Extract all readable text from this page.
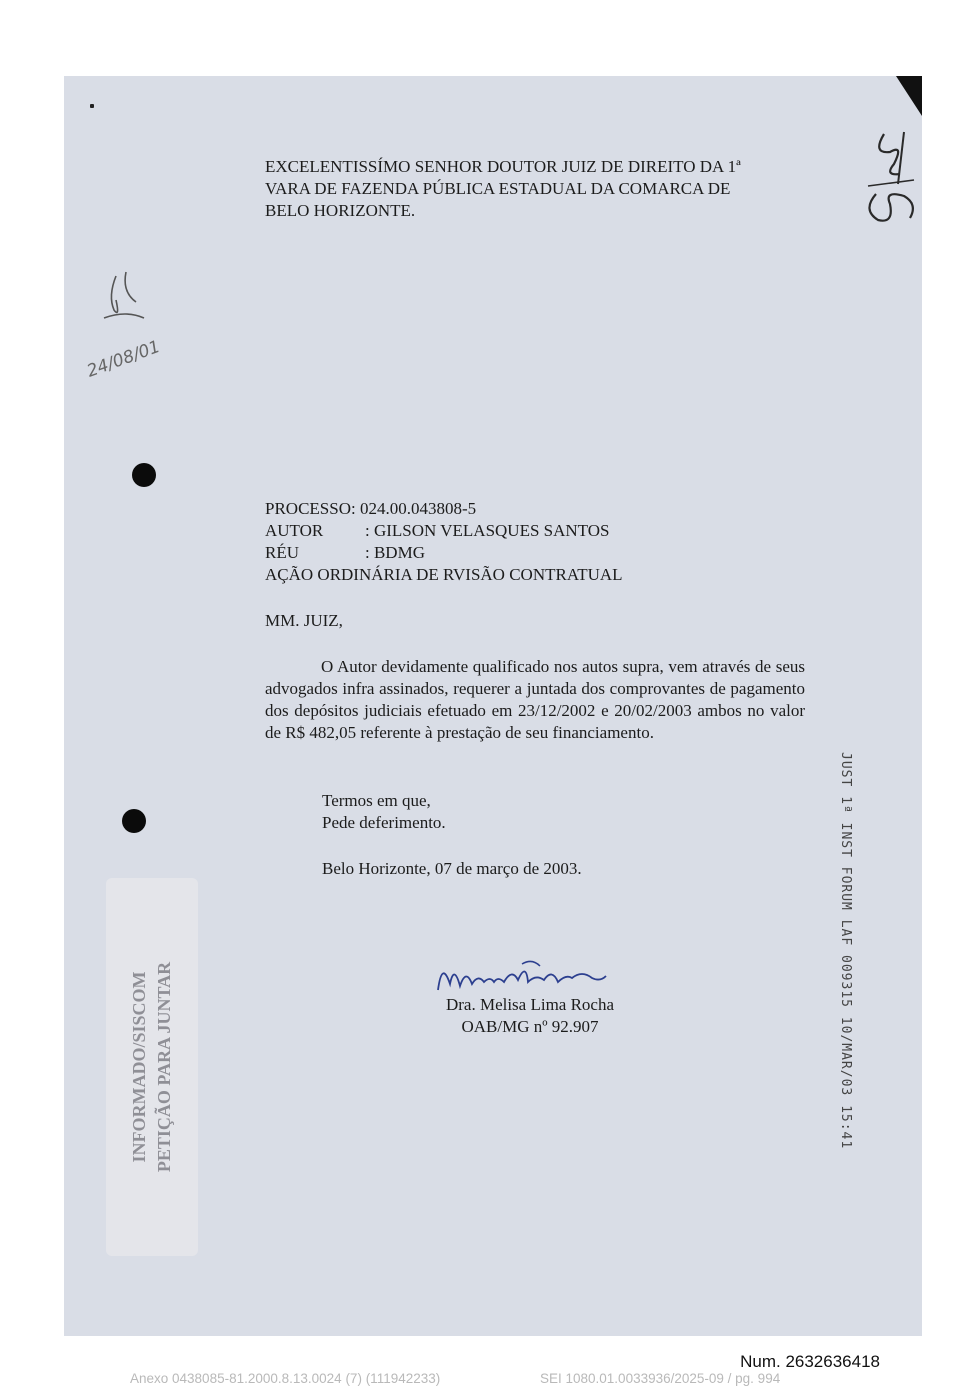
EXCELENTISSÍMO SENHOR DOUTOR JUIZ DE DIREITO DA 1ª
VARA DE FAZENDA PÚBLICA ESTADUAL DA COMARCA DE
BELO HORIZONTE.
24/08/01
PROCESSO:
024.00.043808-5
AUTOR	: GILSON VELASQUES SANTOS
RÉU	: BDMG
AÇÃO ORDINÁRIA DE RVISÃO CONTRATUAL
MM. JUIZ,
O Autor devidamente qualificado nos autos supra, vem através de seus advogados infra assinados, requerer a juntada dos comprovantes de pagamento dos depósitos judiciais efetuado em 23/12/2002 e 20/02/2003 ambos no valor de R$ 482,05 referente à prestação de seu financiamento.
Termos em que,
Pede deferimento.
Belo Horizonte, 07 de março de 2003.
Dra. Melisa Lima Rocha
OAB/MG nº 92.907	JUST 1ª INST FORUM LAF 009315 10/MAR/03 15:41
INFORMADO/SISCOM PETIÇÃO PARA JUNTAR
Num. 2632636418
Anexo 0438085-81.2000.8.13.0024 (7) (111942233)	SEI 1080.01.0033936/2025-09 / pg. 994
